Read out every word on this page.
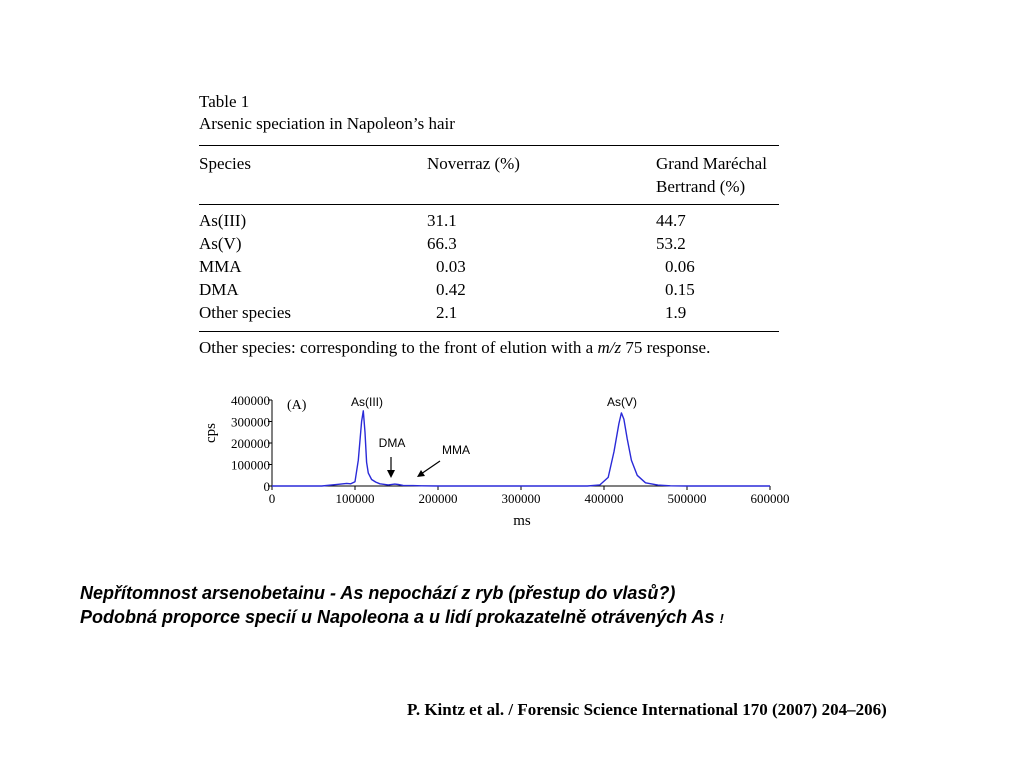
Table 1
Arsenic speciation in Napoleon’s hair
Species	Noverraz (%)	Grand Maréchal
Bertrand (%)
As(III)	31.1	44.7
As(V)	66.3	53.2
MMA	0.03	0.06
DMA	0.42	0.15
Other species	2.1	1.9
Other species: corresponding to the front of elution with a m/z 75 response.
0	100000	200000	300000	400000	500000	600000
0
100000
200000
300000
400000 (A)
cps
ms
As(III)
DMA	MMA
As(V)
Nepřítomnost arsenobetainu - As nepochází z ryb (přestup do vlasů?)
Podobná proporce specií u Napoleona a u lidí prokazatelně otrávených As !
P. Kintz et al. / Forensic Science International 170 (2007) 204–206)
